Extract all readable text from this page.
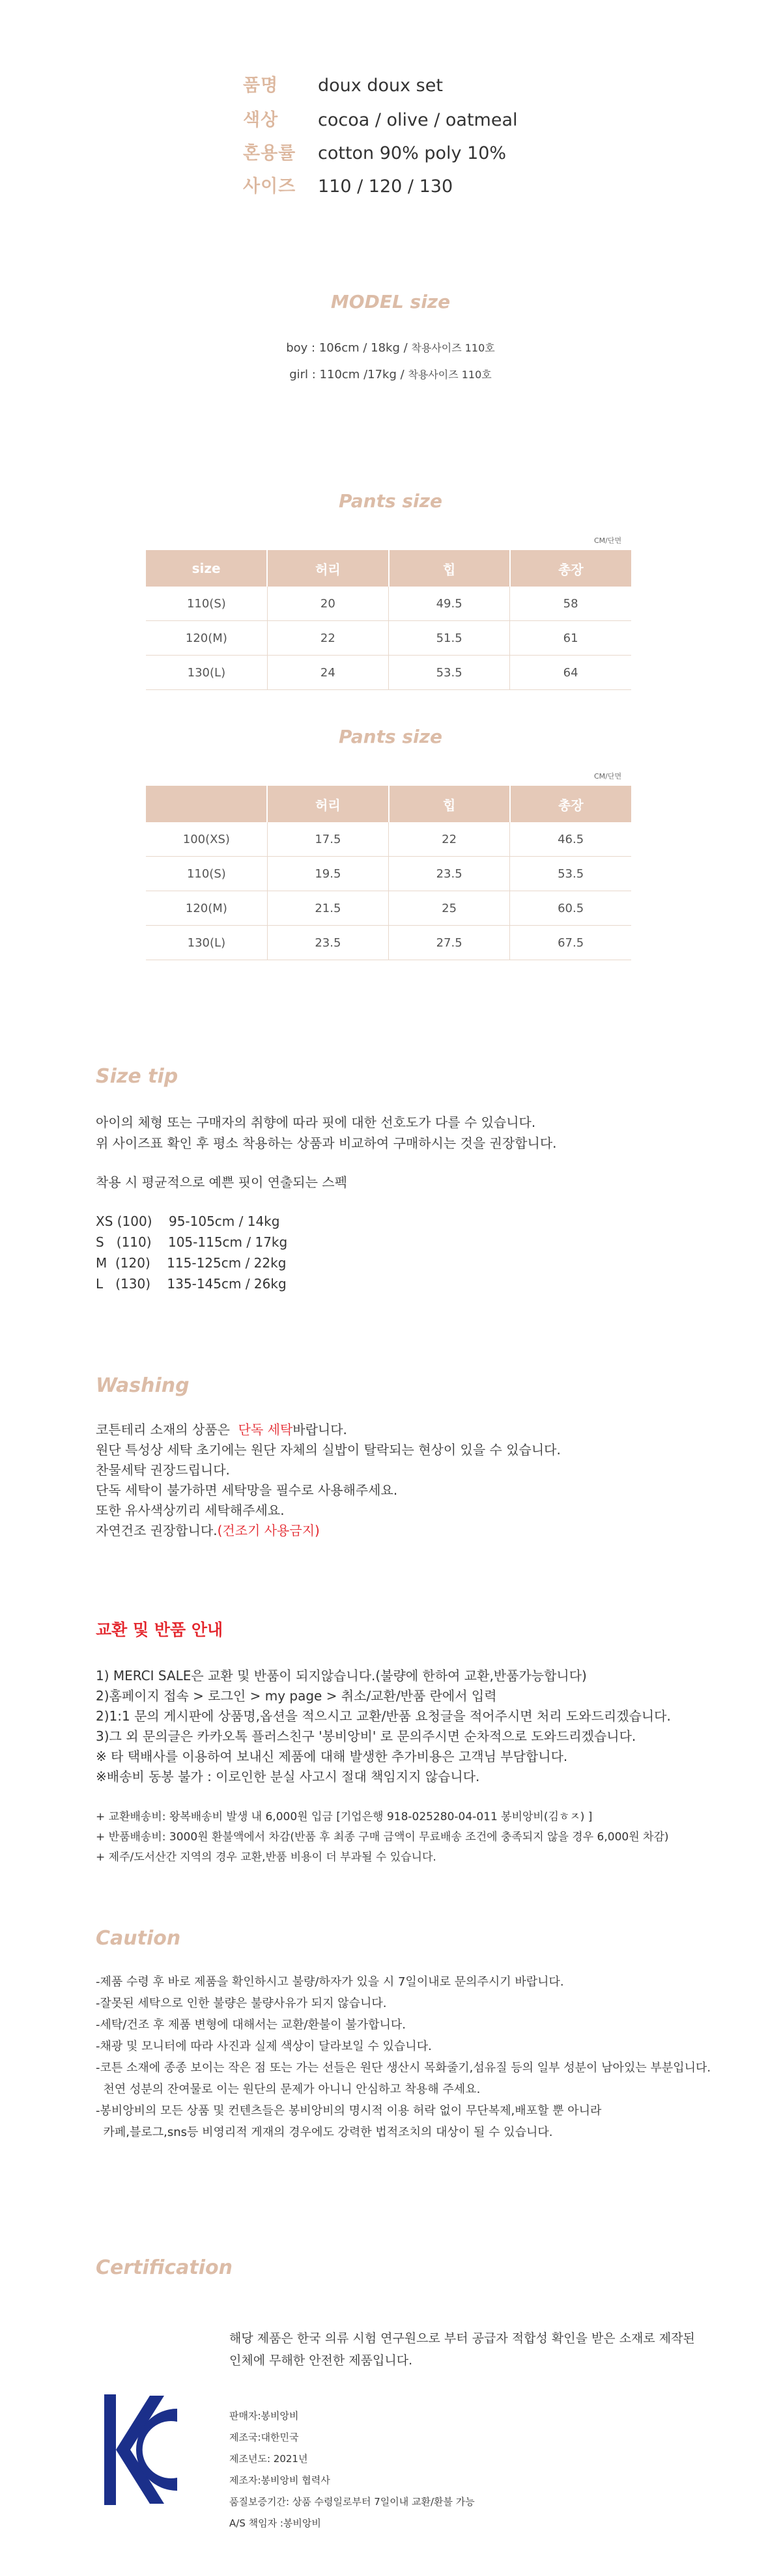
품명	doux doux set
색상	cocoa / olive / oatmeal
혼용률	cotton 90% poly 10%
사이즈	110 / 120 / 130
MODEL size
boy : 106cm / 18kg / 착용사이즈 110호
girl : 110cm /17kg / 착용사이즈 110호
Pants size
CM/단면
size	허리	힙	총장
110(S)	20	49.5	58
120(M)	22	51.5	61
130(L)	24	53.5	64
Pants size
CM/단면
	허리	힙	총장
100(XS)	17.5	22	46.5
110(S)	19.5	23.5	53.5
120(M)	21.5	25	60.5
130(L)	23.5	27.5	67.5
Size tip
아이의 체형 또는 구매자의 취향에 따라 핏에 대한 선호도가 다를 수 있습니다.
위 사이즈표 확인 후 평소 착용하는 상품과 비교하여 구매하시는 것을 권장합니다.
착용 시 평균적으로 예쁜 핏이 연출되는 스펙
XS (100)    95-105cm / 14kg
S   (110)    105-115cm / 17kg
M  (120)    115-125cm / 22kg
L   (130)    135-145cm / 26kg
Washing
코튼테리 소재의 상품은  단독 세탁바랍니다.
원단 특성상 세탁 초기에는 원단 자체의 실밥이 탈락되는 현상이 있을 수 있습니다.
찬물세탁 권장드립니다.
단독 세탁이 불가하면 세탁망을 필수로 사용해주세요.
또한 유사색상끼리 세탁해주세요.
자연건조 권장합니다.(건조기 사용금지)
교환 및 반품 안내
1) MERCI SALE은 교환 및 반품이 되지않습니다.(불량에 한하여 교환,반품가능합니다)
2)홈페이지 접속 > 로그인 > my page > 취소/교환/반품 란에서 입력
2)1:1 문의 게시판에 상품명,옵션을 적으시고 교환/반품 요청글을 적어주시면 처리 도와드리겠습니다.
3)그 외 문의글은 카카오톡 플러스친구 '봉비앙비' 로 문의주시면 순차적으로 도와드리겠습니다.
※ 타 택배사를 이용하여 보내신 제품에 대해 발생한 추가비용은 고객님 부담합니다.
※배송비 동봉 불가 : 이로인한 분실 사고시 절대 책임지지 않습니다.
+ 교환배송비: 왕복배송비 발생 내 6,000원 입금 [기업은행 918-025280-04-011 봉비앙비(김ㅎㅈ) ]
+ 반품배송비: 3000원 환불액에서 차감(반품 후 최종 구매 금액이 무료배송 조건에 충족되지 않을 경우 6,000원 차감)
+ 제주/도서산간 지역의 경우 교환,반품 비용이 더 부과될 수 있습니다.
Caution
-제품 수령 후 바로 제품을 확인하시고 불량/하자가 있을 시 7일이내로 문의주시기 바랍니다.
-잘못된 세탁으로 인한 불량은 불량사유가 되지 않습니다.
-세탁/건조 후 제품 변형에 대해서는 교환/환불이 불가합니다.
-채광 및 모니터에 따라 사진과 실제 색상이 달라보일 수 있습니다.
-코튼 소재에 종종 보이는 작은 점 또는 가는 선들은 원단 생산시 목화줄기,섬유질 등의 일부 성분이 남아있는 부분입니다.
천연 성분의 잔여물로 이는 원단의 문제가 아니니 안심하고 착용해 주세요.
-봉비앙비의 모든 상품 및 컨텐츠들은 봉비앙비의 명시적 이용 허락 없이 무단복제,배포할 뿐 아니라
카페,블로그,sns등 비영리적 게재의 경우에도 강력한 법적조치의 대상이 될 수 있습니다.
Certification
해당 제품은 한국 의류 시험 연구원으로 부터 공급자 적합성 확인을 받은 소재로 제작된
인체에 무해한 안전한 제품입니다.
판매자:봉비앙비
제조국:대한민국
제조년도: 2021년
제조자:봉비앙비 협력사
품질보증기간: 상품 수령일로부터 7일이내 교환/환불 가능
A/S 책임자 :봉비앙비
